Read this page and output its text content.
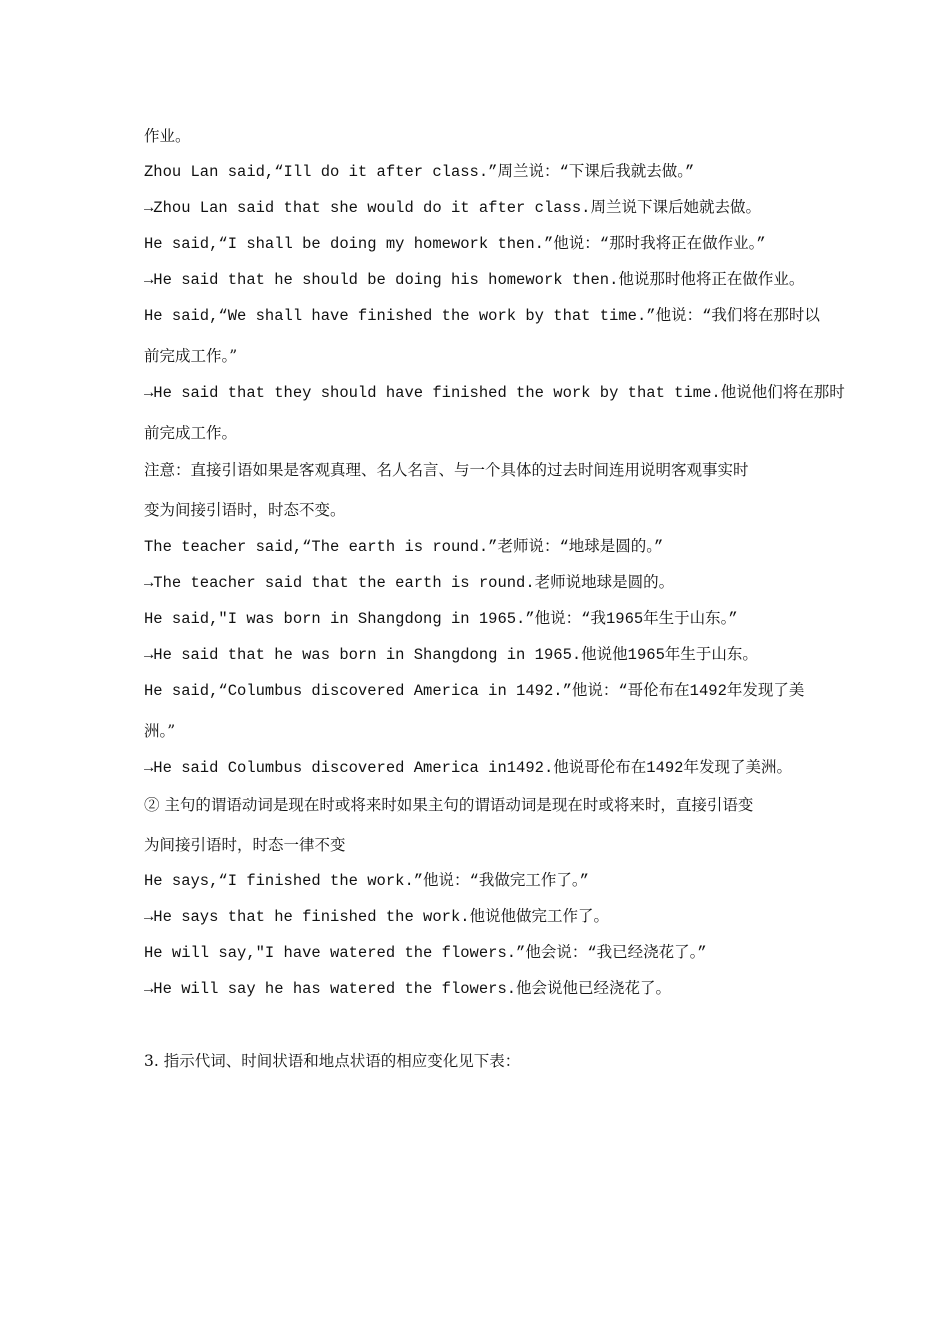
作业。
Zhou Lan said,“Ill do it after class.”周兰说：“下课后我就去做。”
→Zhou Lan said that she would do it after class.周兰说下课后她就去做。
He said,“I shall be doing my homework then.”他说：“那时我将正在做作业。”
→He said that he should be doing his homework then.他说那时他将正在做作业。
He said,“We shall have finished the work by that time.”他说：“我们将在那时以
前完成工作。”
→He said that they should have finished the work by that time.他说他们将在那时
前完成工作。
注意：直接引语如果是客观真理、名人名言、与一个具体的过去时间连用说明客观事实时
变为间接引语时，时态不变。
The teacher said,“The earth is round.”老师说：“地球是圆的。”
→The teacher said that the earth is round.老师说地球是圆的。
He said,″I was born in Shangdong in 1965.”他说：“我1965年生于山东。”
→He said that he was born in Shangdong in 1965.他说他1965年生于山东。
He said,“Columbus discovered America in 1492.”他说：“哥伦布在1492年发现了美
洲。”
→He said Columbus discovered America in1492.他说哥伦布在1492年发现了美洲。
② 主句的谓语动词是现在时或将来时如果主句的谓语动词是现在时或将来时，直接引语变
为间接引语时，时态一律不变
He says,“I finished the work.”他说：“我做完工作了。”
→He says that he finished the work.他说他做完工作了。
He will say,″I have watered the flowers.”他会说：“我已经浇花了。”
→He will say he has watered the flowers.他会说他已经浇花了。
3. 指示代词、时间状语和地点状语的相应变化见下表：
